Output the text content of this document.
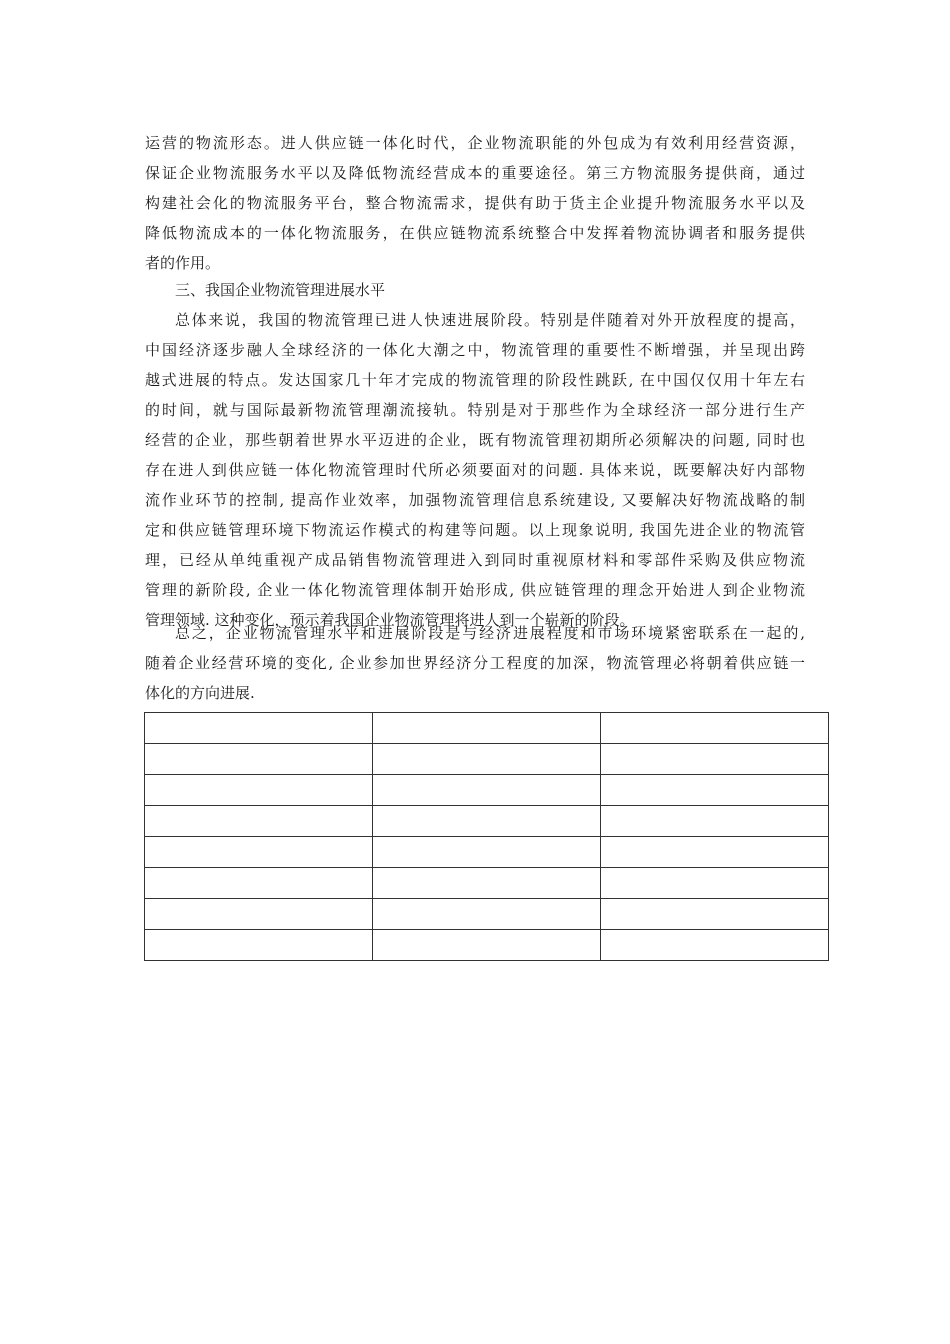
运营的物流形态。进人供应链一体化时代，企业物流职能的外包成为有效利用经营资源，
保证企业物流服务水平以及降低物流经营成本的重要途径。第三方物流服务提供商，通过
构建社会化的物流服务平台，整合物流需求，提供有助于货主企业提升物流服务水平以及
降低物流成本的一体化物流服务，在供应链物流系统整合中发挥着物流协调者和服务提供
者的作用。
三、我国企业物流管理进展水平
总体来说，我国的物流管理已进人快速进展阶段。特别是伴随着对外开放程度的提高，
中国经济逐步融人全球经济的一体化大潮之中，物流管理的重要性不断增强，并呈现出跨
越式进展的特点。发达国家几十年才完成的物流管理的阶段性跳跃, 在中国仅仅用十年左右
的时间，就与国际最新物流管理潮流接轨。特别是对于那些作为全球经济一部分进行生产
经营的企业，那些朝着世界水平迈进的企业，既有物流管理初期所必须解决的问题, 同时也
存在进人到供应链一体化物流管理时代所必须要面对的问题. 具体来说，既要解决好内部物
流作业环节的控制, 提高作业效率，加强物流管理信息系统建设, 又要解决好物流战略的制
定和供应链管理环境下物流运作模式的构建等问题。以上现象说明, 我国先进企业的物流管
理，已经从单纯重视产成品销售物流管理进入到同时重视原材料和零部件采购及供应物流
管理的新阶段, 企业一体化物流管理体制开始形成, 供应链管理的理念开始进人到企业物流
管理领域. 这种变化，预示着我国企业物流管理将进人到一个崭新的阶段。
总之，企业物流管理水平和进展阶段是与经济进展程度和市场环境紧密联系在一起的,
随着企业经营环境的变化, 企业参加世界经济分工程度的加深，物流管理必将朝着供应链一
体化的方向进展.
